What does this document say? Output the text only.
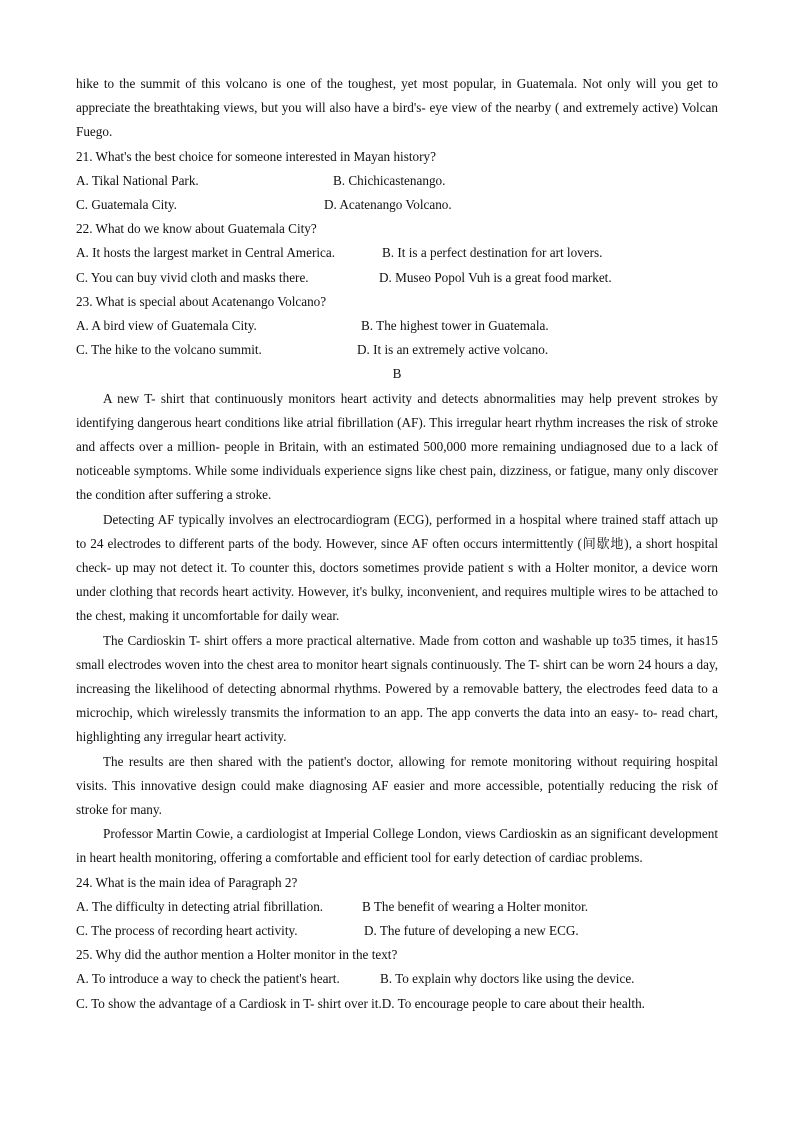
hike to the summit of this volcano is one of the toughest, yet most popular, in Guatemala. Not only will you get to appreciate the breathtaking views, but you will also have a bird's- eye view of the nearby ( and extremely active) Volcan Fuego.

21. What's the best choice for someone interested in Mayan history?

A. Tikal National Park.	B. Chichicastenango.
C. Guatemala City.	D. Acatenango Volcano.

22. What do we know about Guatemala City?

A. It hosts the largest market in Central America.	B. It is a perfect destination for art lovers.
C. You can buy vivid cloth and masks there.	D. Museo Popol Vuh is a great food market.

23. What is special about Acatenango Volcano?

A. A bird view of Guatemala City.	B. The highest tower in Guatemala.
C. The hike to the volcano summit.	D. It is an extremely active volcano.

B

A new T- shirt that continuously monitors heart activity and detects abnormalities may help prevent strokes by identifying dangerous heart conditions like atrial fibrillation (AF). This irregular heart rhythm increases the risk of stroke and affects over a million- people in Britain, with an estimated 500,000 more remaining undiagnosed due to a lack of noticeable symptoms. While some individuals experience signs like chest pain, dizziness, or fatigue, many only discover the condition after suffering a stroke.

Detecting AF typically involves an electrocardiogram (ECG), performed in a hospital where trained staff attach up to 24 electrodes to different parts of the body. However, since AF often occurs intermittently (间歇地), a short hospital check- up may not detect it. To counter this, doctors sometimes provide patient s with a Holter monitor, a device worn under clothing that records heart activity. However, it's bulky, inconvenient, and requires multiple wires to be attached to the chest, making it uncomfortable for daily wear.

The Cardioskin T- shirt offers a more practical alternative. Made from cotton and washable up to35 times, it has15 small electrodes woven into the chest area to monitor heart signals continuously. The T- shirt can be worn 24 hours a day, increasing the likelihood of detecting abnormal rhythms. Powered by a removable battery, the electrodes feed data to a microchip, which wirelessly transmits the information to an app. The app converts the data into an easy- to- read chart, highlighting any irregular heart activity.

The results are then shared with the patient's doctor, allowing for remote monitoring without requiring hospital visits. This innovative design could make diagnosing AF easier and more accessible, potentially reducing the risk of stroke for many.

Professor Martin Cowie, a cardiologist at Imperial College London, views Cardioskin as an significant development in heart health monitoring, offering a comfortable and efficient tool for early detection of cardiac problems.

24. What is the main idea of Paragraph 2?

A. The difficulty in detecting atrial fibrillation.	B The benefit of wearing a Holter monitor.
C. The process of recording heart activity.	D. The future of developing a new ECG.

25. Why did the author mention a Holter monitor in the text?

A. To introduce a way to check the patient's heart.	B. To explain why doctors like using the device.

C. To show the advantage of a Cardiosk in T- shirt over it.D. To encourage people to care about their health.
